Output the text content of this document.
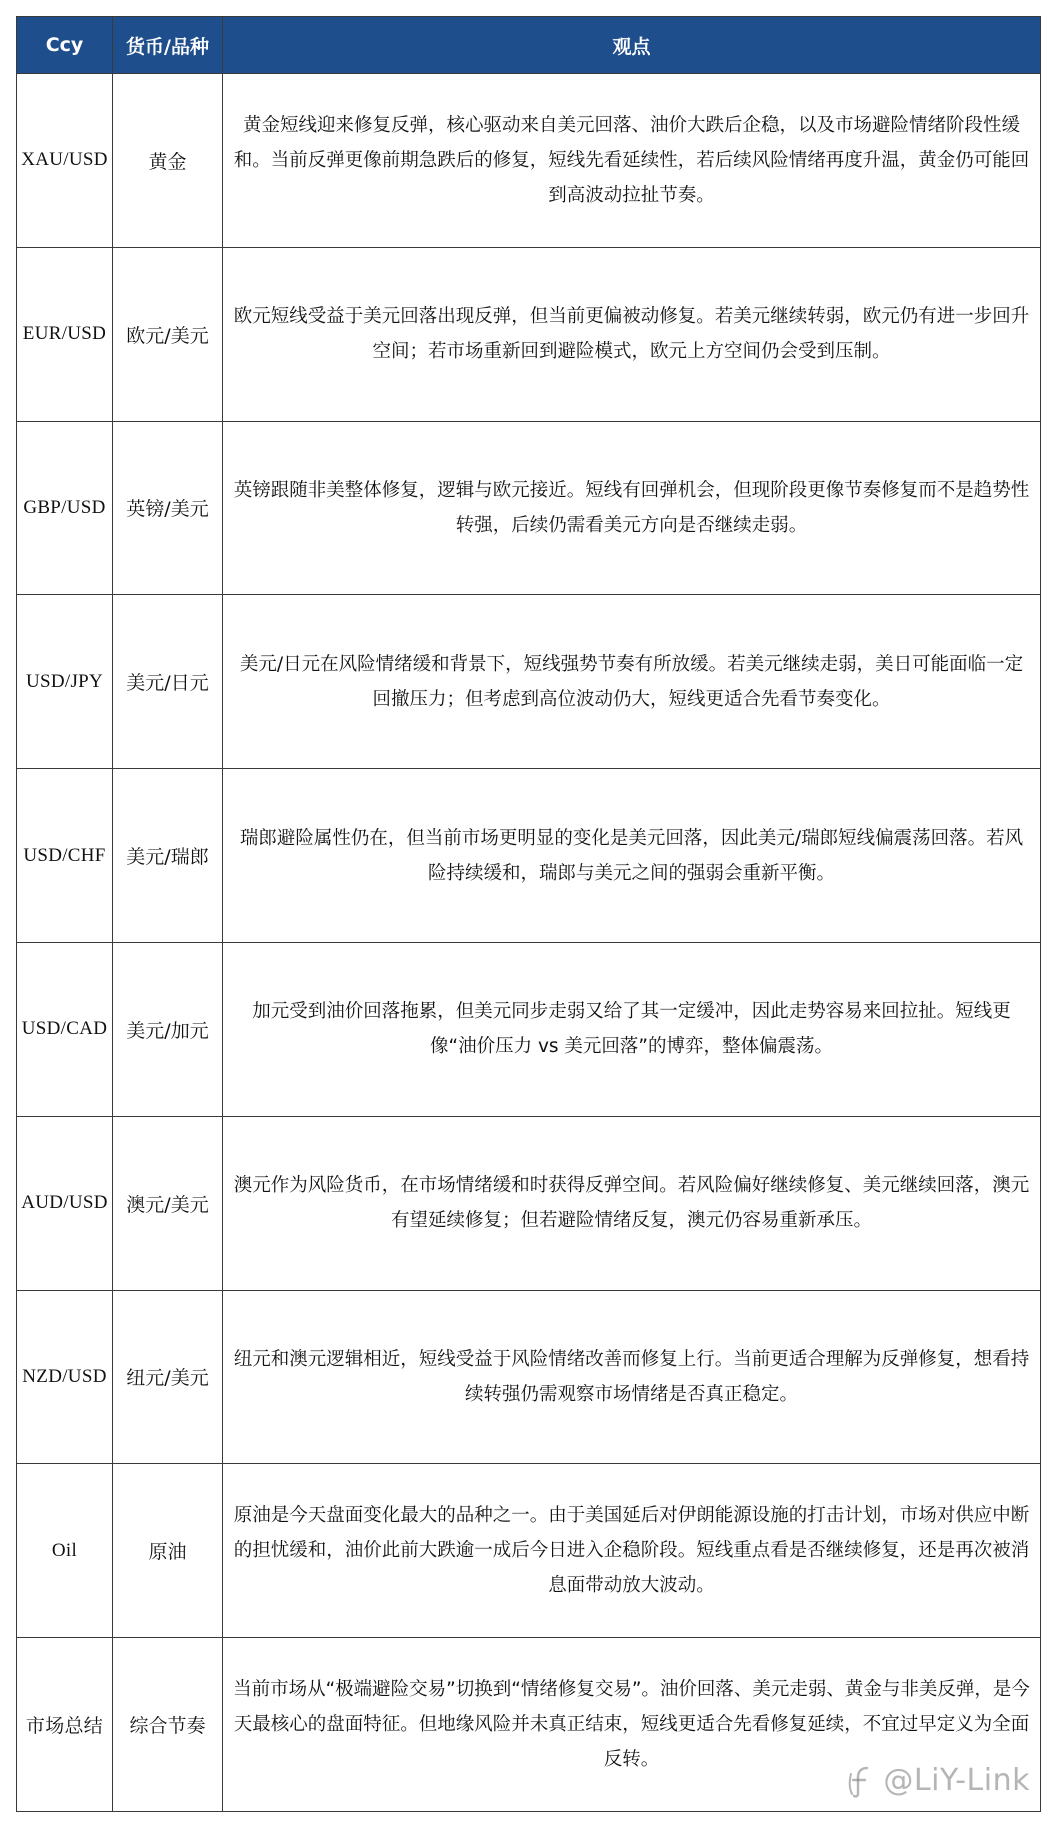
Ccy	货币/品种	观点
XAU/USD	黄金	黄金短线迎来修复反弹，核心驱动来自美元回落、油价大跌后企稳，以及市场避险情绪阶段性缓和。当前反弹更像前期急跌后的修复，短线先看延续性，若后续风险情绪再度升温，黄金仍可能回到高波动拉扯节奏。

EUR/USD	欧元/美元	欧元短线受益于美元回落出现反弹，但当前更偏被动修复。若美元继续转弱，欧元仍有进一步回升空间；若市场重新回到避险模式，欧元上方空间仍会受到压制。

GBP/USD	英镑/美元	英镑跟随非美整体修复，逻辑与欧元接近。短线有回弹机会，但现阶段更像节奏修复而不是趋势性转强，后续仍需看美元方向是否继续走弱。

USD/JPY	美元/日元	美元/日元在风险情绪缓和背景下，短线强势节奏有所放缓。若美元继续走弱，美日可能面临一定回撤压力；但考虑到高位波动仍大，短线更适合先看节奏变化。

USD/CHF	美元/瑞郎	瑞郎避险属性仍在，但当前市场更明显的变化是美元回落，因此美元/瑞郎短线偏震荡回落。若风险持续缓和，瑞郎与美元之间的强弱会重新平衡。

USD/CAD	美元/加元	加元受到油价回落拖累，但美元同步走弱又给了其一定缓冲，因此走势容易来回拉扯。短线更像“油价压力 vs 美元回落”的博弈，整体偏震荡。

AUD/USD	澳元/美元	澳元作为风险货币，在市场情绪缓和时获得反弹空间。若风险偏好继续修复、美元继续回落，澳元有望延续修复；但若避险情绪反复，澳元仍容易重新承压。

NZD/USD	纽元/美元	纽元和澳元逻辑相近，短线受益于风险情绪改善而修复上行。当前更适合理解为反弹修复，想看持续转强仍需观察市场情绪是否真正稳定。

Oil	原油	原油是今天盘面变化最大的品种之一。由于美国延后对伊朗能源设施的打击计划，市场对供应中断的担忧缓和，油价此前大跌逾一成后今日进入企稳阶段。短线重点看是否继续修复，还是再次被消息面带动放大波动。

市场总结	综合节奏	当前市场从“极端避险交易”切换到“情绪修复交易”。油价回落、美元走弱、黄金与非美反弹，是今天最核心的盘面特征。但地缘风险并未真正结束，短线更适合先看修复延续，不宜过早定义为全面反转。
@LiY-Link
